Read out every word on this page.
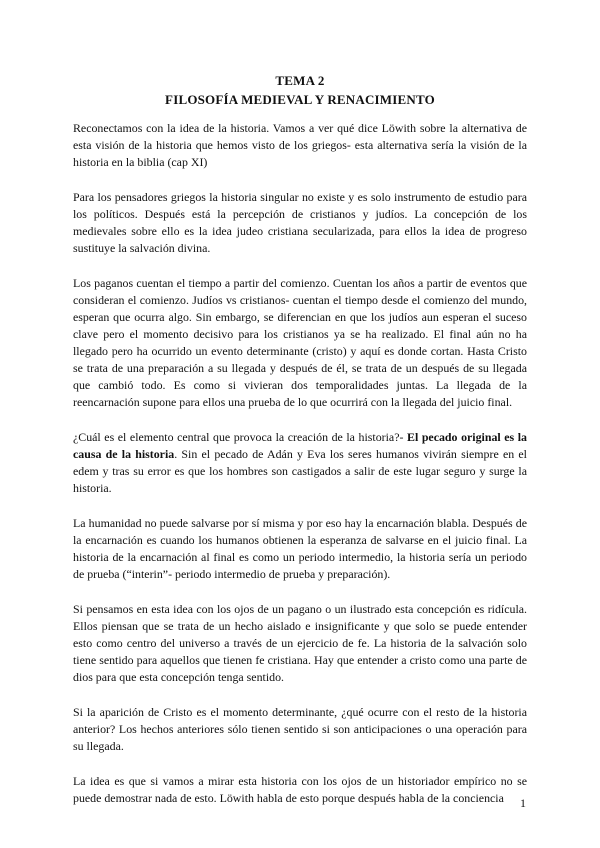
TEMA 2
FILOSOFÍA MEDIEVAL Y RENACIMIENTO

Reconectamos con la idea de la historia. Vamos a ver qué dice Löwith sobre la alternativa de esta visión de la historia que hemos visto de los griegos- esta alternativa sería la visión de la historia en la biblia (cap XI)

Para los pensadores griegos la historia singular no existe y es solo instrumento de estudio para los políticos. Después está la percepción de cristianos y judíos. La concepción de los medievales sobre ello es la idea judeo cristiana secularizada, para ellos la idea de progreso sustituye la salvación divina.

Los paganos cuentan el tiempo a partir del comienzo. Cuentan los años a partir de eventos que consideran el comienzo. Judíos vs cristianos- cuentan el tiempo desde el comienzo del mundo, esperan que ocurra algo. Sin embargo, se diferencian en que los judíos aun esperan el suceso clave pero el momento decisivo para los cristianos ya se ha realizado. El final aún no ha llegado pero ha ocurrido un evento determinante (cristo) y aquí es donde cortan. Hasta Cristo se trata de una preparación a su llegada y después de él, se trata de un después de su llegada que cambió todo. Es como si vivieran dos temporalidades juntas. La llegada de la reencarnación supone para ellos una prueba de lo que ocurrirá con la llegada del juicio final.

¿Cuál es el elemento central que provoca la creación de la historia?- El pecado original es la causa de la historia. Sin el pecado de Adán y Eva los seres humanos vivirán siempre en el edem y tras su error es que los hombres son castigados a salir de este lugar seguro y surge la historia.

La humanidad no puede salvarse por sí misma y por eso hay la encarnación blabla. Después de la encarnación es cuando los humanos obtienen la esperanza de salvarse en el juicio final. La historia de la encarnación al final es como un periodo intermedio, la historia sería un periodo de prueba (“interin”- periodo intermedio de prueba y preparación).

Si pensamos en esta idea con los ojos de un pagano o un ilustrado esta concepción es ridícula. Ellos piensan que se trata de un hecho aislado e insignificante y que solo se puede entender esto como centro del universo a través de un ejercicio de fe. La historia de la salvación solo tiene sentido para aquellos que tienen fe cristiana. Hay que entender a cristo como una parte de dios para que esta concepción tenga sentido.

Si la aparición de Cristo es el momento determinante, ¿qué ocurre con el resto de la historia anterior? Los hechos anteriores sólo tienen sentido si son anticipaciones o una operación para su llegada.

La idea es que si vamos a mirar esta historia con los ojos de un historiador empírico no se puede demostrar nada de esto. Löwith habla de esto porque después habla de la conciencia	1
